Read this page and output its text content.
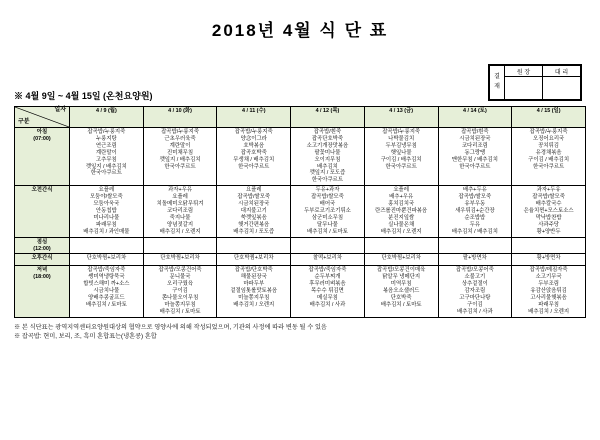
2018년 4월 식 단 표
결
재	원 장	대 리

※ 4월 9일 ~ 4월 15일 (온천요양원)
일자
구분	4 / 9 (월)	4 / 10 (화)	4 / 11 (수)	4 / 12 (목)	4 / 13 (금)	4 / 14 (토)	4 / 15 (일)

아침
(07:00)
	잡곡밥/누룽지죽
누룽지탕
연근조림
계란말이
고추무침
깻잎지 / 배추김치
한국아쿠르트	잡곡밥/누룽지죽
근초우러육죽
계란말이
진미채무침
깻잎지 / 배추김치
한국아쿠르트	잡곡밥/누룽지죽
양念이그라
호박볶음
잡곡호박죽
무생채 / 배추김치
한국아쿠르트	잡곡밥/흰죽
잡곡단호박죽
소고기개장맛볶음
팔꽃미나물
오이지무침
배추김치
깻잎지 / 포도즙
한국아쿠르트	잡곡밥/누룽지죽
나박물김치
두부김냉무침
햇잎나물
구이김 / 배추김치
한국아쿠르트	잡곡밥/흰죽
시금치된장국
코다리조림
동그랑땡
맨한무침 / 배추김치
한국아쿠르트	잡곡밥/누룽지죽
오징어요리국
꽁치튀김
유경채볶음
구이김 / 배추김치
한국아쿠르트
오전간식	요플레
모둠야/쌀모죽
모둠아욱국
안동칩밥
미나리나물
파래무침
배추김치 / 과인매물	과자+우유
요플레
치돌메미오닭무튀겨
코다리조림
죽지나물
양념젓갈지
배추김치 / 오렌지	요플레
잡곡밥/쌀모죽
시금치된장국
대지불고기
쑥깻잎볶음
햇거간편볶음
배추김치 / 포도즙	두유+과자
잡곡밥/쌀모죽
배어국
두부로코기조기튀소
삼군미소무침
달무나물
배추김치 / 토마토	요플레
배추+우유
홍치김치국
란즈롤진마뿐건파볶음
분진지잎쌈
실나물온채
배추김치 / 오렌지	배추+두유
잡곡밥/쌀모죽
유부우동
새우튀김+순간장
순조밥밥
두유
배추김치 / 배추김치	과자+두유
잡곡밥/쌀모죽
배추칼국수
은율치찐+모스토소스
막낙밥찬밥
사과주당
황+양반두

점심
(12:00)							

오후간식	단호박찜+보리차	단호박찜+보리차	단호박찜+보리차	찰떡+보리차	단호박찜+보리차	팥+방면차	황+방면차

저녁
(18:00)
	잡곡밥/죽임자죽
쌩미역냉탕묵국
합빗스해미 까+소스
시금치나물
양배추콩굴프드
배추김치 / 토마토	잡곡밥/모콩건어죽
문니물국
오리구웠육
구이김
쫀나물오이무침
마늘쫑지무침
배추김치 / 토마토	잡곡밥/단호박죽
해물된장국
마파두부
겉절임톳롤맛토볶음
미늘쫑지무침
배추김치 / 오렌지	잡곡밥/죽임자죽
순두부찌개
후무러미벼볶음
목수수 튀김면
메실무침
배추김치 / 사과	잡곡밥/모콩건이매육
닭알무 냉메단지
미역무침
볶음오소샐러드
단호박죽
배추김치 / 토마토	잡곡밥/모콩어죽
소불고기
상추겉절이
감자조림
고구마단나탕
구이김
배추김치 / 사과	잡곡밥/메짐자죽
소고기무국
두부조림
유감산앉음튀김
고사리물햇볶음
파래무침
배추김치 / 오렌지
※ 본 식단표는 광역지역센터요양원대상의 협약으로 영양사에 의해 작성되었으며, 기관의 사정에 따라 변동 될 수 있음
※ 잡곡밥: 현미, 보리, 조, 흑미 혼합표는(냉혼콩) 혼합
